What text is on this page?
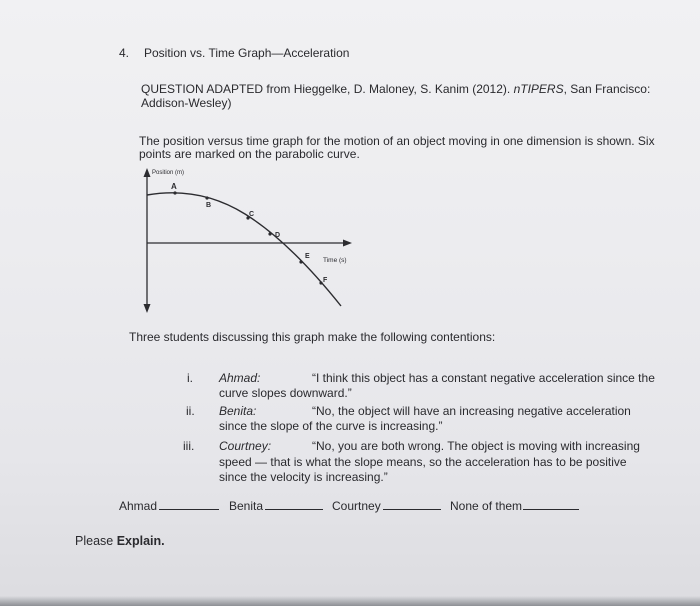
4. Position vs. Time Graph—Acceleration
QUESTION ADAPTED from Hieggelke, D. Maloney, S. Kanim (2012). nTIPERS, San Francisco:
Addison-Wesley)
The position versus time graph for the motion of an object moving in one dimension is shown. Six
points are marked on the parabolic curve.
Position (m)
Time (s)
A
B
C
D
E
F
Three students discussing this graph make the following contentions:
i. Ahmad:	“I think this object has a constant negative acceleration since the
curve slopes downward.”
ii. Benita:	“No, the object will have an increasing negative acceleration
since the slope of the curve is increasing.”
iii. Courtney:	“No, you are both wrong. The object is moving with increasing
speed — that is what the slope means, so the acceleration has to be positive
since the velocity is increasing.”
Ahmad	Benita	Courtney	None of them
Please Explain.
